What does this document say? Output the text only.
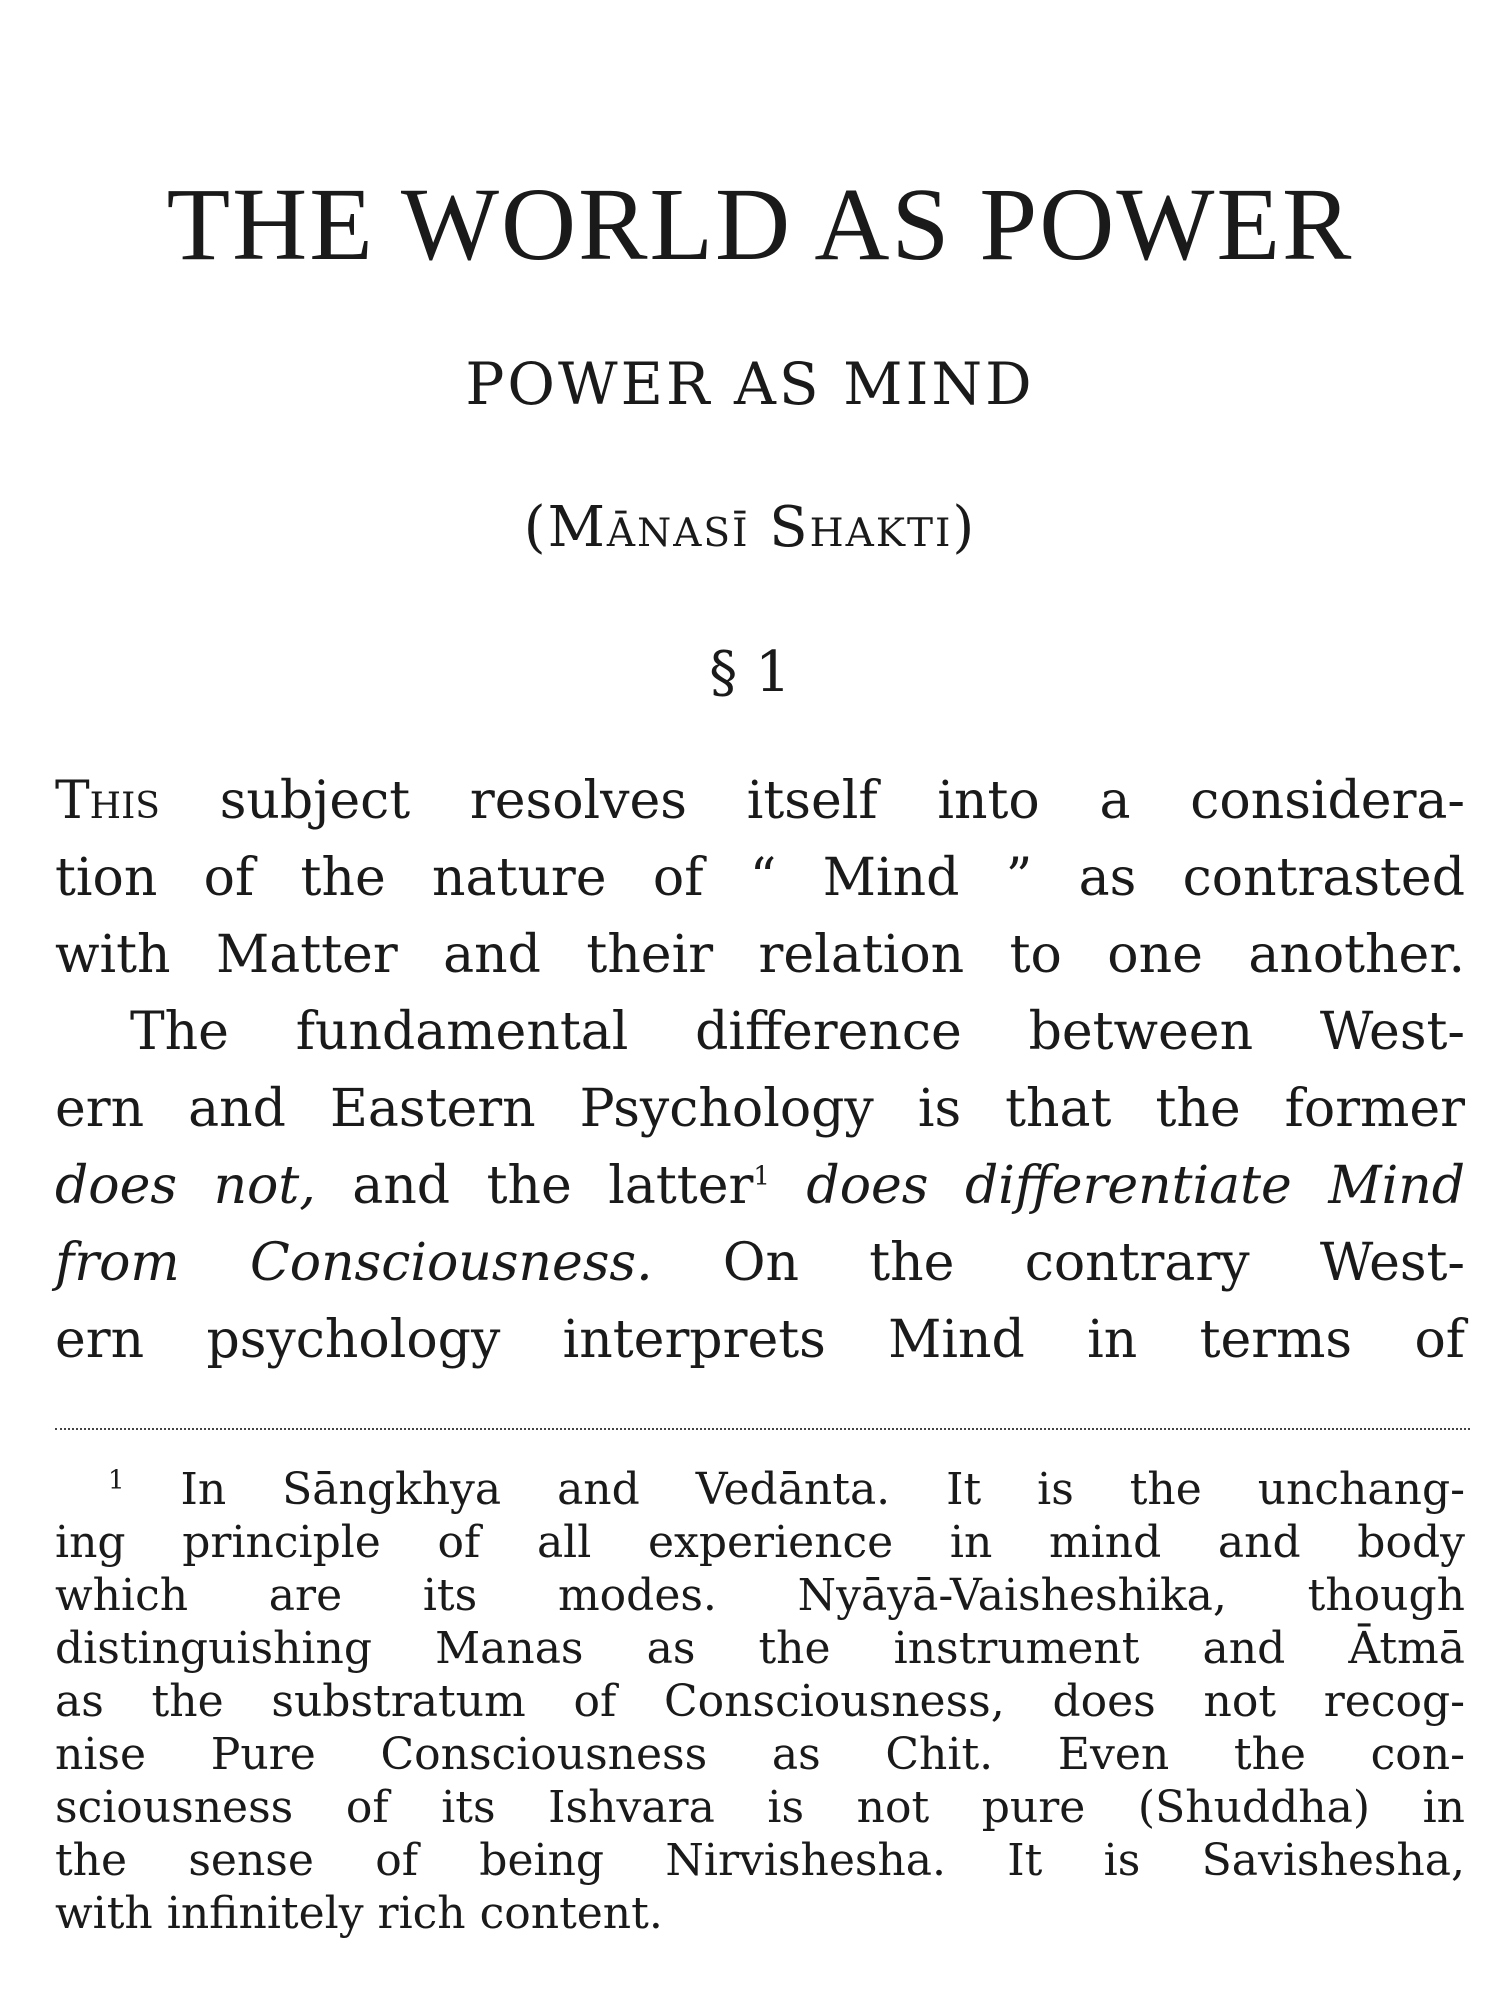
THE WORLD AS POWER
POWER AS MIND
(Mānasī Shakti)
§ 1
This subject resolves itself into a considera-
tion of the nature of “ Mind ” as contrasted
with Matter and their relation to one another.
The fundamental difference between West-
ern and Eastern Psychology is that the former
does not, and the latter$^1$ does differentiate Mind
from Consciousness. On the contrary West-
ern psychology interprets Mind in terms of
$^1$ In Sāngkhya and Vedānta. It is the unchang-
ing principle of all experience in mind and body
which are its modes. Nyāyā-Vaisheshika, though
distinguishing Manas as the instrument and Ātmā
as the substratum of Consciousness, does not recog-
nise Pure Consciousness as Chit. Even the con-
sciousness of its Ishvara is not pure (Shuddha) in
the sense of being Nirvishesha. It is Savishesha,
with infinitely rich content.
